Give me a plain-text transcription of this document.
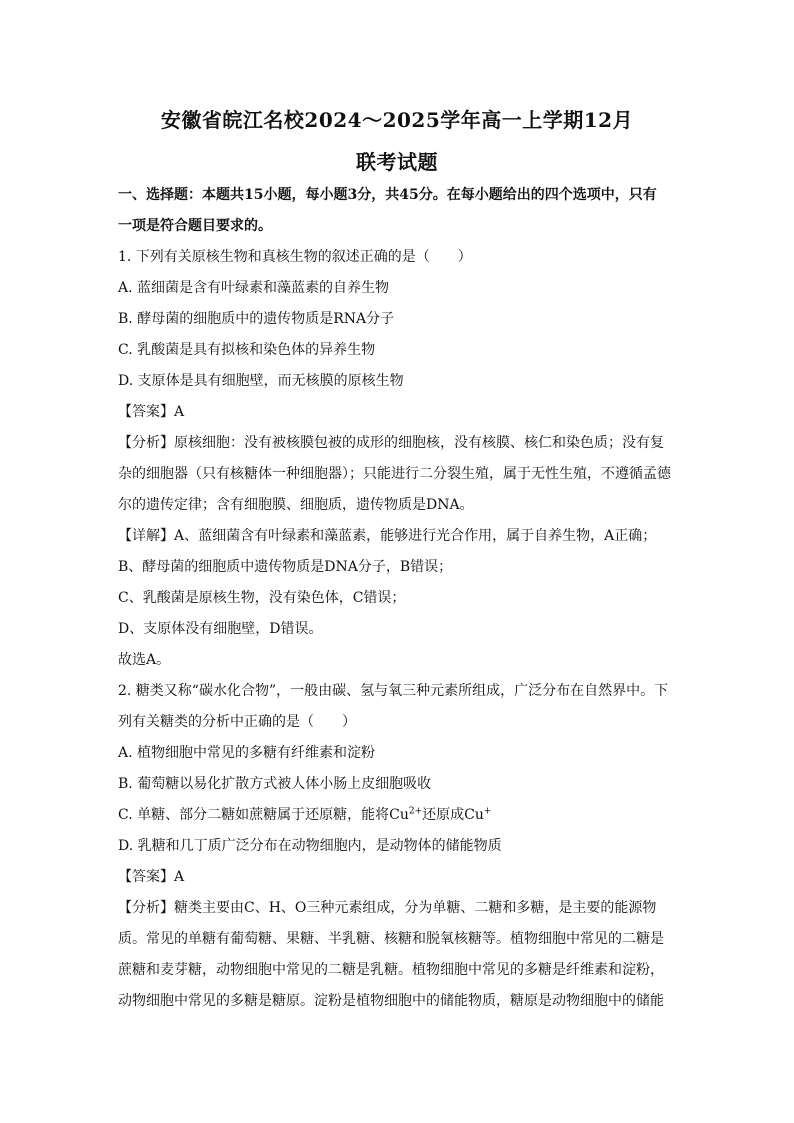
安徽省皖江名校2024～2025学年高一上学期12月
联考试题
一、选择题：本题共15小题，每小题3分，共45分。在每小题给出的四个选项中，只有
一项是符合题目要求的。
1. 下列有关原核生物和真核生物的叙述正确的是（　　）
A. 蓝细菌是含有叶绿素和藻蓝素的自养生物
B. 酵母菌的细胞质中的遗传物质是RNA分子
C. 乳酸菌是具有拟核和染色体的异养生物
D. 支原体是具有细胞壁，而无核膜的原核生物
【答案】A
【分析】原核细胞：没有被核膜包被的成形的细胞核，没有核膜、核仁和染色质；没有复
杂的细胞器（只有核糖体一种细胞器）；只能进行二分裂生殖，属于无性生殖，不遵循孟德
尔的遗传定律；含有细胞膜、细胞质，遗传物质是DNA。
【详解】A、蓝细菌含有叶绿素和藻蓝素，能够进行光合作用，属于自养生物，A正确；
B、酵母菌的细胞质中遗传物质是DNA分子，B错误；
C、乳酸菌是原核生物，没有染色体，C错误；
D、支原体没有细胞壁，D错误。
故选A。
2. 糖类又称“碳水化合物”，一般由碳、氢与氧三种元素所组成，广泛分布在自然界中。下
列有关糖类的分析中正确的是（　　）
A. 植物细胞中常见的多糖有纤维素和淀粉
B. 葡萄糖以易化扩散方式被人体小肠上皮细胞吸收
C. 单糖、部分二糖如蔗糖属于还原糖，能将$Cu^{2+}$还原成Cu+
D. 乳糖和几丁质广泛分布在动物细胞内，是动物体的储能物质
【答案】A
【分析】糖类主要由C、H、O三种元素组成，分为单糖、二糖和多糖，是主要的能源物
质。常见的单糖有葡萄糖、果糖、半乳糖、核糖和脱氧核糖等。植物细胞中常见的二糖是
蔗糖和麦芽糖，动物细胞中常见的二糖是乳糖。植物细胞中常见的多糖是纤维素和淀粉，
动物细胞中常见的多糖是糖原。淀粉是植物细胞中的储能物质，糖原是动物细胞中的储能
